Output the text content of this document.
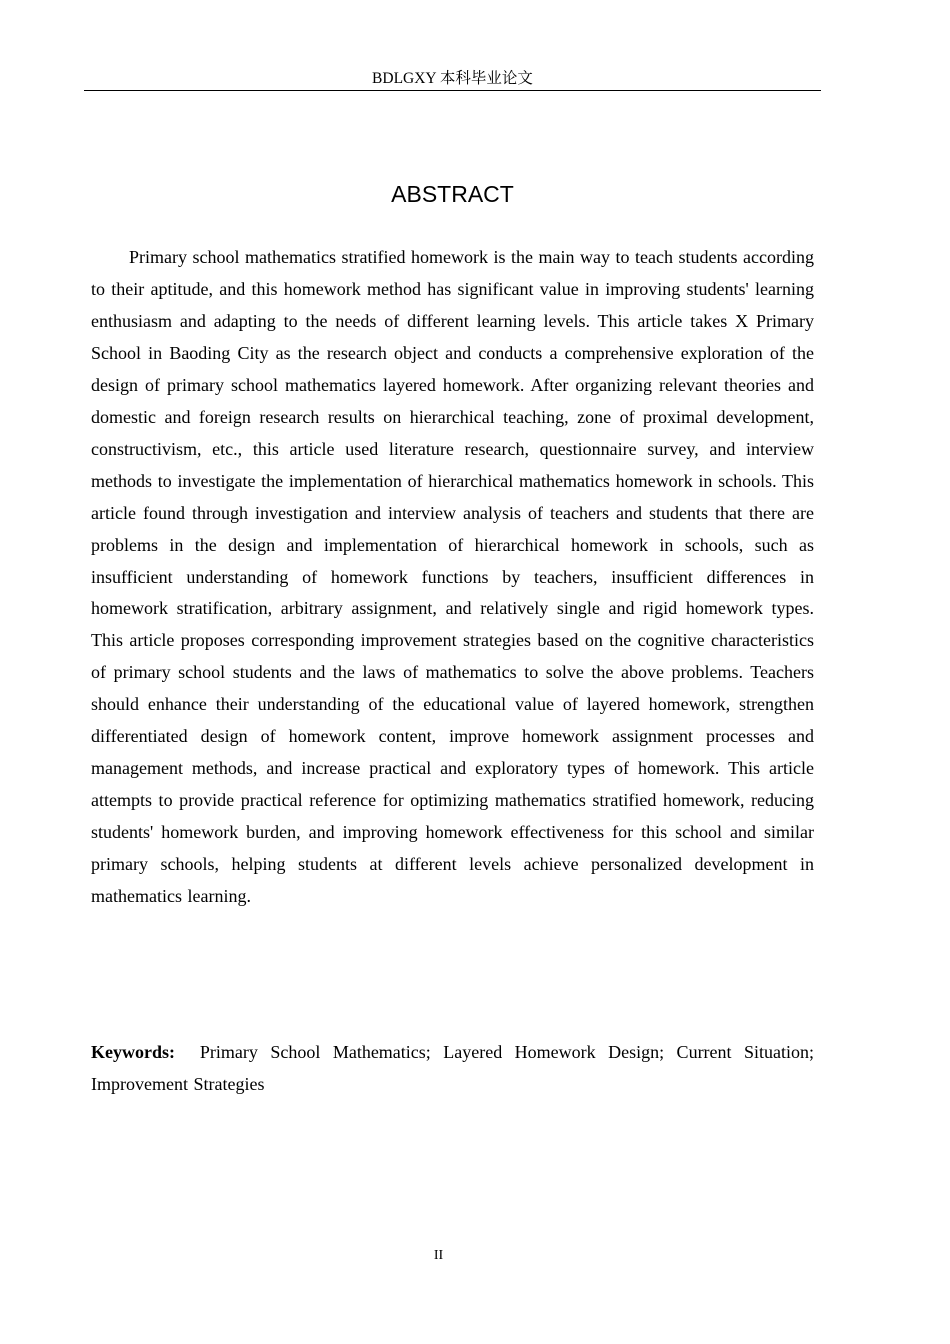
BDLGXY 本科毕业论文
ABSTRACT

Primary school mathematics stratified homework is the main way to teach students according to their aptitude, and this homework method has significant value in improving students' learning enthusiasm and adapting to the needs of different learning levels. This article takes X Primary School in Baoding City as the research object and conducts a comprehensive exploration of the design of primary school mathematics layered homework. After organizing relevant theories and domestic and foreign research results on hierarchical teaching, zone of proximal development, constructivism, etc., this article used literature research, questionnaire survey, and interview methods to investigate the implementation of hierarchical mathematics homework in schools. This article found through investigation and interview analysis of teachers and students that there are problems in the design and implementation of hierarchical homework in schools, such as insufficient understanding of homework functions by teachers, insufficient differences in homework stratification, arbitrary assignment, and relatively single and rigid homework types. This article proposes corresponding improvement strategies based on the cognitive characteristics of primary school students and the laws of mathematics to solve the above problems. Teachers should enhance their understanding of the educational value of layered homework, strengthen differentiated design of homework content, improve homework assignment processes and management methods, and increase practical and exploratory types of homework. This article attempts to provide practical reference for optimizing mathematics stratified homework, reducing students' homework burden, and improving homework effectiveness for this school and similar primary schools, helping students at different levels achieve personalized development in mathematics learning.

Keywords: Primary School Mathematics; Layered Homework Design; Current Situation; Improvement Strategies

II
